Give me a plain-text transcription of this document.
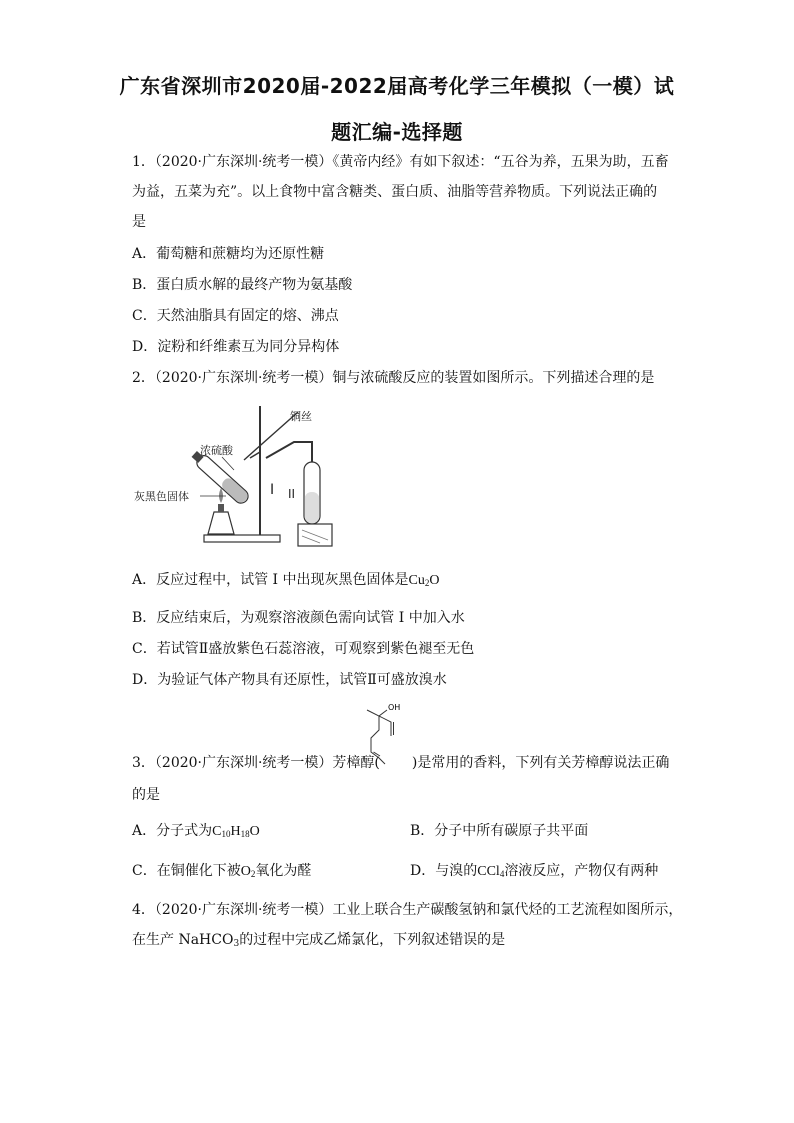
广东省深圳市2020届-2022届高考化学三年模拟（一模）试
题汇编-选择题
1．（2020·广东深圳·统考一模）《黄帝内经》有如下叙述：“五谷为养，五果为助，五畜
为益，五菜为充”。以上食物中富含糖类、蛋白质、油脂等营养物质。下列说法正确的
是
A．葡萄糖和蔗糖均为还原性糖
B．蛋白质水解的最终产物为氨基酸
C．天然油脂具有固定的熔、沸点
D．淀粉和纤维素互为同分异构体
2．（2020·广东深圳·统考一模）铜与浓硫酸反应的装置如图所示。下列描述合理的是
铜丝
浓硫酸
灰黑色固体	I II
A．反应过程中，试管 I 中出现灰黑色固体是$Cu_2O$
B．反应结束后，为观察溶液颜色需向试管 I 中加入水
C．若试管Ⅱ盛放紫色石蕊溶液，可观察到紫色褪至无色
D．为验证气体产物具有还原性，试管Ⅱ可盛放溴水
OH
3．（2020·广东深圳·统考一模）芳樟醇( )是常用的香料，下列有关芳樟醇说法正确
的是
A．分子式为$C_{10}H_{18}O$	B．分子中所有碳原子共平面
C．在铜催化下被$O_2$氧化为醛	D．与溴的CCl$_4$溶液反应，产物仅有两种
4．（2020·广东深圳·统考一模）工业上联合生产碳酸氢钠和氯代烃的工艺流程如图所示，
在生产 NaHCO$_3$的过程中完成乙烯氯化，下列叙述错误的是
